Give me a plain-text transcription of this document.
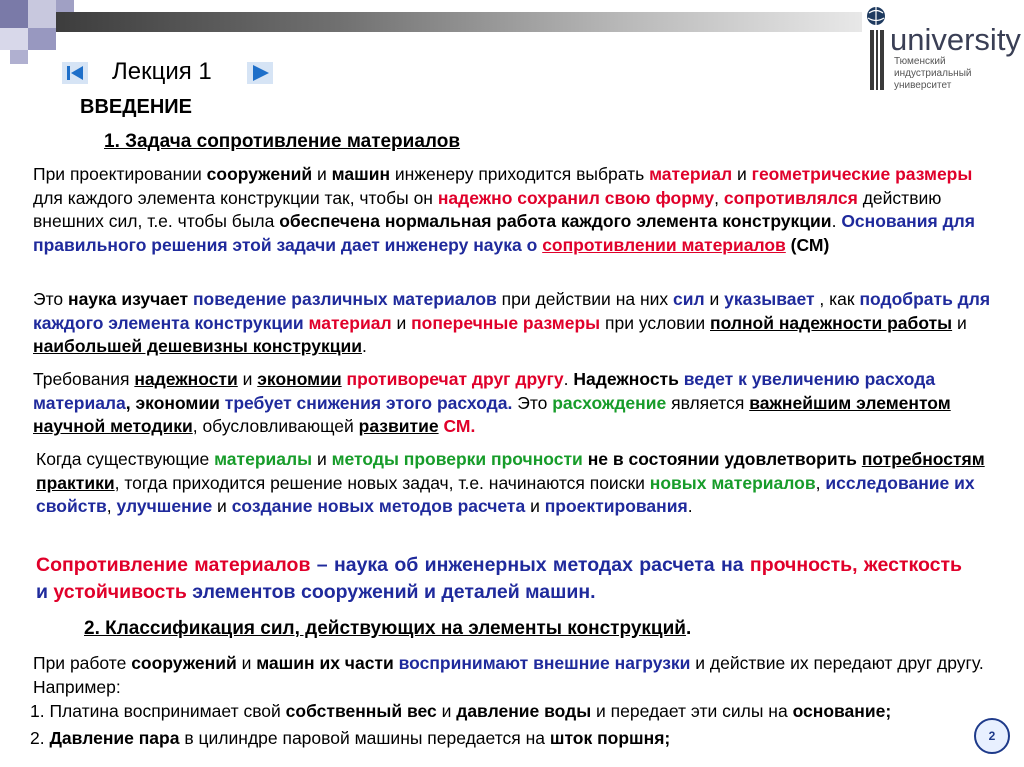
university
Тюменский
индустриальный
университет
Лекция 1
ВВЕДЕНИЕ
1. Задача сопротивление материалов
При проектировании сооружений и машин инженеру приходится выбрать материал и геометрические размеры для каждого элемента конструкции так, чтобы он надежно сохранил свою форму, сопротивлялся действию внешних сил, т.е. чтобы была обеспечена нормальная работа каждого элемента конструкции. Основания для правильного решения этой задачи дает инженеру наука о сопротивлении материалов (СМ)
Это наука изучает поведение различных материалов при действии на них сил и указывает , как подобрать для каждого элемента конструкции материал и поперечные размеры при условии полной надежности работы и наибольшей дешевизны конструкции.
Требования надежности и экономии противоречат друг другу. Надежность ведет к увеличению расхода материала, экономии требует снижения этого расхода. Это расхождение является важнейшим элементом научной методики, обусловливающей развитие СМ.
Когда существующие материалы и методы проверки прочности не в состоянии удовлетворить потребностям практики, тогда приходится решение новых задач, т.е. начинаются поиски новых материалов, исследование их свойств, улучшение и создание новых методов расчета и проектирования.
Сопротивление материалов – наука об инженерных методах расчета на прочность, жесткость и устойчивость элементов сооружений и деталей машин.
2. Классификация сил, действующих на элементы конструкций.
При работе сооружений и машин их части воспринимают внешние нагрузки и действие их передают друг другу. Например:
1. Платина воспринимает свой собственный вес и давление воды и передает эти силы на основание;
2. Давление пара в цилиндре паровой машины передается на шток поршня;	2
